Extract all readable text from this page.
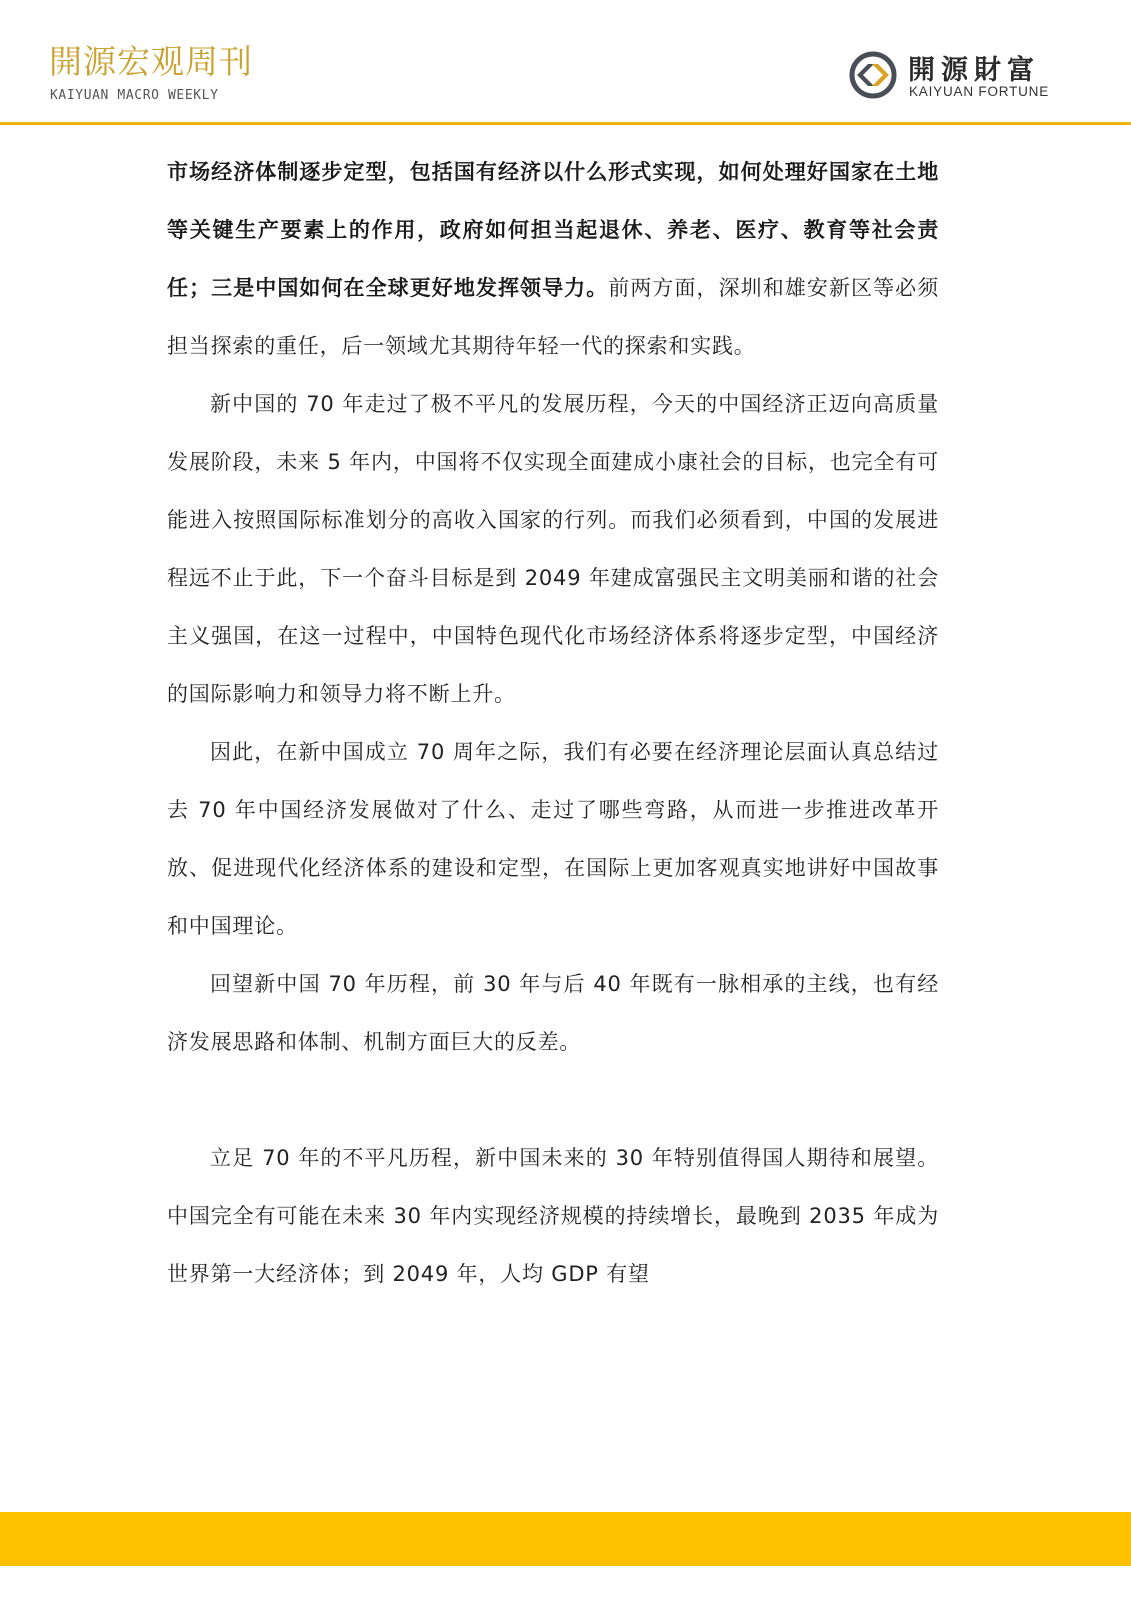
開源宏观周刊
KAIYUAN MACRO WEEKLY
開源財富
KAIYUAN FORTUNE

市场经济体制逐步定型，包括国有经济以什么形式实现，如何处理好国家在土地等关键生产要素上的作用，政府如何担当起退休、养老、医疗、教育等社会责任；三是中国如何在全球更好地发挥领导力。前两方面，深圳和雄安新区等必须担当探索的重任，后一领域尤其期待年轻一代的探索和实践。

新中国的 70 年走过了极不平凡的发展历程，今天的中国经济正迈向高质量发展阶段，未来 5 年内，中国将不仅实现全面建成小康社会的目标，也完全有可能进入按照国际标准划分的高收入国家的行列。而我们必须看到，中国的发展进程远不止于此，下一个奋斗目标是到 2049 年建成富强民主文明美丽和谐的社会主义强国，在这一过程中，中国特色现代化市场经济体系将逐步定型，中国经济的国际影响力和领导力将不断上升。

因此，在新中国成立 70 周年之际，我们有必要在经济理论层面认真总结过去 70 年中国经济发展做对了什么、走过了哪些弯路，从而进一步推进改革开放、促进现代化经济体系的建设和定型，在国际上更加客观真实地讲好中国故事和中国理论。

回望新中国 70 年历程，前 30 年与后 40 年既有一脉相承的主线，也有经济发展思路和体制、机制方面巨大的反差。

立足 70 年的不平凡历程，新中国未来的 30 年特别值得国人期待和展望。中国完全有可能在未来 30 年内实现经济规模的持续增长，最晚到 2035 年成为世界第一大经济体；到 2049 年，人均 GDP 有望
